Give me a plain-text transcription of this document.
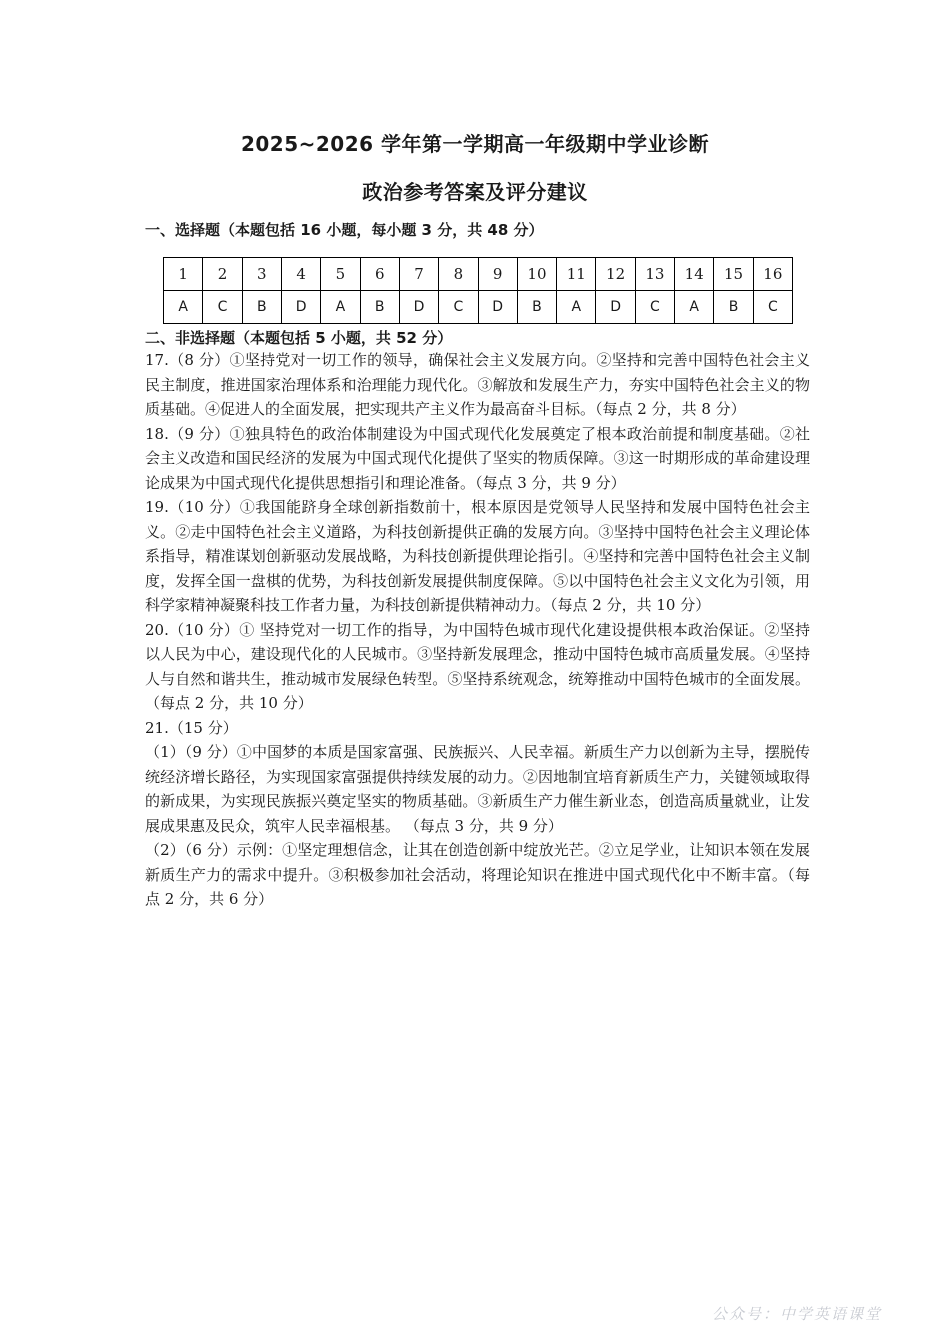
2025~2026 学年第一学期高一年级期中学业诊断
政治参考答案及评分建议
一、选择题（本题包括 16 小题，每小题 3 分，共 48 分）
1	2	3	4	5	6	7	8	9	10	11	12	13	14	15	16
A	C	B	D	A	B	D	C	D	B	A	D	C	A	B	C
二、非选择题（本题包括 5 小题，共 52 分）

17.（8 分）①坚持党对一切工作的领导，确保社会主义发展方向。②坚持和完善中国特色社会主义民主制度，推进国家治理体系和治理能力现代化。③解放和发展生产力，夯实中国特色社会主义的物质基础。④促进人的全面发展，把实现共产主义作为最高奋斗目标。（每点 2 分，共 8 分）

18.（9 分）①独具特色的政治体制建设为中国式现代化发展奠定了根本政治前提和制度基础。②社会主义改造和国民经济的发展为中国式现代化提供了坚实的物质保障。③这一时期形成的革命建设理论成果为中国式现代化提供思想指引和理论准备。（每点 3 分，共 9 分）

19.（10 分）①我国能跻身全球创新指数前十，根本原因是党领导人民坚持和发展中国特色社会主义。②走中国特色社会主义道路，为科技创新提供正确的发展方向。③坚持中国特色社会主义理论体系指导，精准谋划创新驱动发展战略，为科技创新提供理论指引。④坚持和完善中国特色社会主义制度，发挥全国一盘棋的优势，为科技创新发展提供制度保障。⑤以中国特色社会主义文化为引领，用科学家精神凝聚科技工作者力量，为科技创新提供精神动力。（每点 2 分，共 10 分）

20.（10 分）① 坚持党对一切工作的指导，为中国特色城市现代化建设提供根本政治保证。②坚持以人民为中心，建设现代化的人民城市。③坚持新发展理念，推动中国特色城市高质量发展。④坚持人与自然和谐共生，推动城市发展绿色转型。⑤坚持系统观念，统筹推动中国特色城市的全面发展。（每点 2 分，共 10 分）

21.（15 分）

（1）（9 分）①中国梦的本质是国家富强、民族振兴、人民幸福。新质生产力以创新为主导，摆脱传统经济增长路径，为实现国家富强提供持续发展的动力。②因地制宜培育新质生产力，关键领域取得的新成果，为实现民族振兴奠定坚实的物质基础。③新质生产力催生新业态，创造高质量就业，让发展成果惠及民众，筑牢人民幸福根基。 （每点 3 分，共 9 分）

（2）（6 分）示例：①坚定理想信念，让其在创造创新中绽放光芒。②立足学业，让知识本领在发展新质生产力的需求中提升。③积极参加社会活动，将理论知识在推进中国式现代化中不断丰富。（每点 2 分，共 6 分）

公众号：中学英语课堂
